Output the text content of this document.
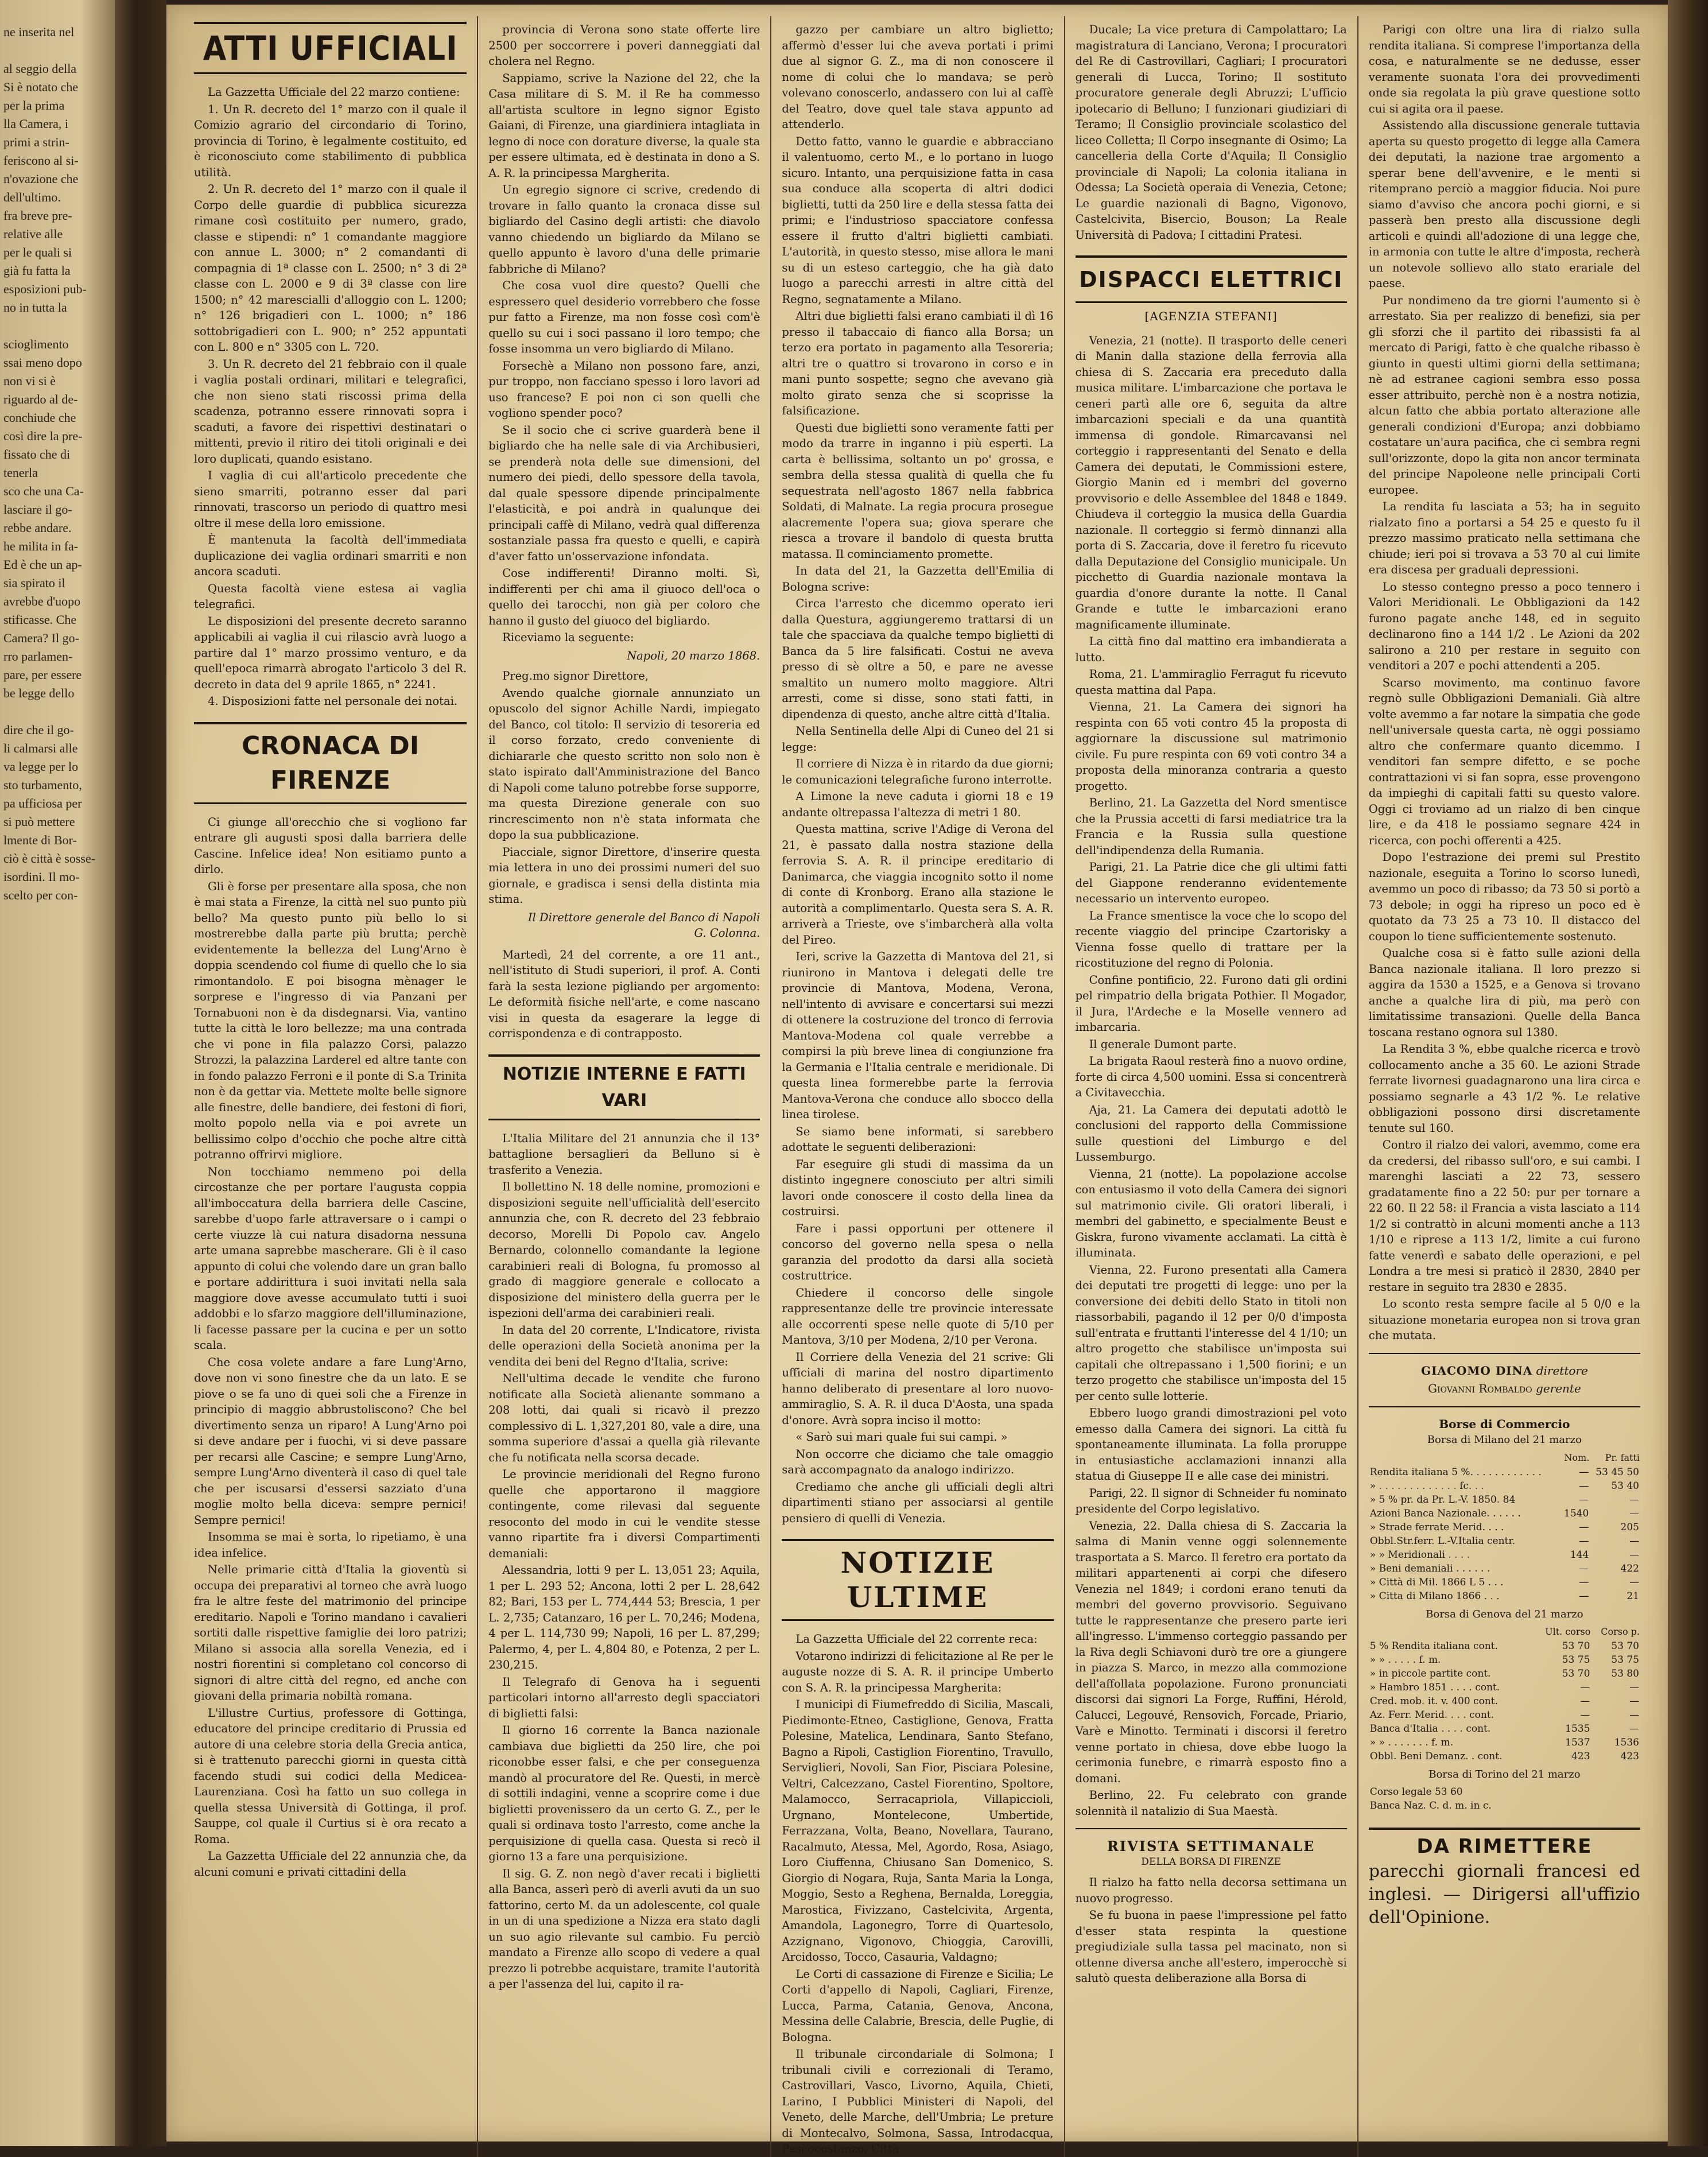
ne inserita nel

al seggio della
Si è notato che
per la prima
lla Camera, i
primi a strin-
feriscono al si-
n'ovazione che
dell'ultimo.
fra breve pre-
relative alle
per le quali si
già fu fatta la
esposizioni pub-
no in tutta la

scioglimento
ssai meno dopo
non vi si è
riguardo al de-
conchiude che
così dire la pre-
fissato che di
tenerla
sco che una Ca-
lasciare il go-
rebbe andare.
he milita in fa-
Ed è che un ap-
sia spirato il
avrebbe d'uopo
stificasse. Che
Camera? Il go-
rro parlamen-
pare, per essere
be legge dello

dire che il go-
li calmarsi alle
va legge per lo
sto turbamento,
pa ufficiosa per
si può mettere
lmente di Bor-
ciò è città è sosse-
isordini. Il mo-
scelto per con-
ATTI UFFICIALI

La Gazzetta Ufficiale del 22 marzo contiene:

1. Un R. decreto del 1° marzo con il quale il Comizio agrario del circondario di Torino, provincia di Torino, è legalmente costituito, ed è riconosciuto come stabilimento di pubblica utilità.

2. Un R. decreto del 1° marzo con il quale il Corpo delle guardie di pubblica sicurezza rimane così costituito per numero, grado, classe e stipendi: n° 1 comandante maggiore con annue L. 3000; n° 2 comandanti di compagnia di 1ª classe con L. 2500; n° 3 di 2ª classe con L. 2000 e 9 di 3ª classe con lire 1500; n° 42 marescialli d'alloggio con L. 1200; n° 126 brigadieri con L. 1000; n° 186 sottobrigadieri con L. 900; n° 252 appuntati con L. 800 e n° 3305 con L. 720.

3. Un R. decreto del 21 febbraio con il quale i vaglia postali ordinari, militari e telegrafici, che non sieno stati riscossi prima della scadenza, potranno essere rinnovati sopra i scaduti, a favore dei rispettivi destinatari o mittenti, previo il ritiro dei titoli originali e dei loro duplicati, quando esistano.

I vaglia di cui all'articolo precedente che sieno smarriti, potranno esser dal pari rinnovati, trascorso un periodo di quattro mesi oltre il mese della loro emissione.

È mantenuta la facoltà dell'immediata duplicazione dei vaglia ordinari smarriti e non ancora scaduti.

Questa facoltà viene estesa ai vaglia telegrafici.

Le disposizioni del presente decreto saranno applicabili ai vaglia il cui rilascio avrà luogo a partire dal 1° marzo prossimo venturo, e da quell'epoca rimarrà abrogato l'articolo 3 del R. decreto in data del 9 aprile 1865, n° 2241.

4. Disposizioni fatte nel personale dei notai.

CRONACA DI FIRENZE

Ci giunge all'orecchio che si vogliono far entrare gli augusti sposi dalla barriera delle Cascine. Infelice idea! Non esitiamo punto a dirlo.

Gli è forse per presentare alla sposa, che non è mai stata a Firenze, la città nel suo punto più bello? Ma questo punto più bello lo si mostrerebbe dalla parte più brutta; perchè evidentemente la bellezza del Lung'Arno è doppia scendendo col fiume di quello che lo sia rimontandolo. E poi bisogna mènager le sorprese e l'ingresso di via Panzani per Tornabuoni non è da disdegnarsi. Via, vantino tutte la città le loro bellezze; ma una contrada che vi pone in fila palazzo Corsi, palazzo Strozzi, la palazzina Larderel ed altre tante con in fondo palazzo Ferroni e il ponte di S.a Trinita non è da gettar via. Mettete molte belle signore alle finestre, delle bandiere, dei festoni di fiori, molto popolo nella via e poi avrete un bellissimo colpo d'occhio che poche altre città potranno offrirvi migliore.

Non tocchiamo nemmeno poi della circostanze che per portare l'augusta coppia all'imboccatura della barriera delle Cascine, sarebbe d'uopo farle attraversare o i campi o certe viuzze là cui natura disadorna nessuna arte umana saprebbe mascherare. Gli è il caso appunto di colui che volendo dare un gran ballo e portare addirittura i suoi invitati nella sala maggiore dove avesse accumulato tutti i suoi addobbi e lo sfarzo maggiore dell'illuminazione, li facesse passare per la cucina e per un sotto scala.

Che cosa volete andare a fare Lung'Arno, dove non vi sono finestre che da un lato. E se piove o se fa uno di quei soli che a Firenze in principio di maggio abbrustoliscono? Che bel divertimento senza un riparo! A Lung'Arno poi si deve andare per i fuochi, vi si deve passare per recarsi alle Cascine; e sempre Lung'Arno, sempre Lung'Arno diventerà il caso di quel tale che per iscusarsi d'essersi sazziato d'una moglie molto bella diceva: sempre pernici! Sempre pernici!

Insomma se mai è sorta, lo ripetiamo, è una idea infelice.

Nelle primarie città d'Italia la gioventù si occupa dei preparativi al torneo che avrà luogo fra le altre feste del matrimonio del principe ereditario. Napoli e Torino mandano i cavalieri sortiti dalle rispettive famiglie dei loro patrizi; Milano si associa alla sorella Venezia, ed i nostri fiorentini si completano col concorso di signori di altre città del regno, ed anche con giovani della primaria nobiltà romana.

L'illustre Curtius, professore di Gottinga, educatore del principe creditario di Prussia ed autore di una celebre storia della Grecia antica, si è trattenuto parecchi giorni in questa città facendo studi sui codici della Medicea-Laurenziana. Così ha fatto un suo collega in quella stessa Università di Gottinga, il prof. Sauppe, col quale il Curtius si è ora recato a Roma.

La Gazzetta Ufficiale del 22 annunzia che, da alcuni comuni e privati cittadini della

provincia di Verona sono state offerte lire 2500 per soccorrere i poveri danneggiati dal cholera nel Regno.

Sappiamo, scrive la Nazione del 22, che la Casa militare di S. M. il Re ha commesso all'artista scultore in legno signor Egisto Gaiani, di Firenze, una giardiniera intagliata in legno di noce con dorature diverse, la quale sta per essere ultimata, ed è destinata in dono a S. A. R. la principessa Margherita.

Un egregio signore ci scrive, credendo di trovare in fallo quanto la cronaca disse sul bigliardo del Casino degli artisti: che diavolo vanno chiedendo un bigliardo da Milano se quello appunto è lavoro d'una delle primarie fabbriche di Milano?

Che cosa vuol dire questo? Quelli che espressero quel desiderio vorrebbero che fosse pur fatto a Firenze, ma non fosse così com'è quello su cui i soci passano il loro tempo; che fosse insomma un vero bigliardo di Milano.

Forsechè a Milano non possono fare, anzi, pur troppo, non facciano spesso i loro lavori ad uso francese? E poi non ci son quelli che vogliono spender poco?

Se il socio che ci scrive guarderà bene il bigliardo che ha nelle sale di via Archibusieri, se prenderà nota delle sue dimensioni, del numero dei piedi, dello spessore della tavola, dal quale spessore dipende principalmente l'elasticità, e poi andrà in qualunque dei principali caffè di Milano, vedrà qual differenza sostanziale passa fra questo e quelli, e capirà d'aver fatto un'osservazione infondata.

Cose indifferenti! Diranno molti. Sì, indifferenti per chi ama il giuoco dell'oca o quello dei tarocchi, non già per coloro che hanno il gusto del giuoco del bigliardo.

Riceviamo la seguente:

Napoli, 20 marzo 1868.

Preg.mo signor Direttore,

Avendo qualche giornale annunziato un opuscolo del signor Achille Nardi, impiegato del Banco, col titolo: Il servizio di tesoreria ed il corso forzato, credo conveniente di dichiararle che questo scritto non solo non è stato ispirato dall'Amministrazione del Banco di Napoli come taluno potrebbe forse supporre, ma questa Direzione generale con suo rincrescimento non n'è stata informata che dopo la sua pubblicazione.

Piacciale, signor Direttore, d'inserire questa mia lettera in uno dei prossimi numeri del suo giornale, e gradisca i sensi della distinta mia stima.

Il Direttore generale del Banco di Napoli
G. Colonna.

Martedì, 24 del corrente, a ore 11 ant., nell'istituto di Studi superiori, il prof. A. Conti farà la sesta lezione pigliando per argomento: Le deformità fisiche nell'arte, e come nascano visi in questa da esagerare la legge di corrispondenza e di contrapposto.

NOTIZIE INTERNE E FATTI VARI

L'Italia Militare del 21 annunzia che il 13° battaglione bersaglieri da Belluno si è trasferito a Venezia.

Il bollettino N. 18 delle nomine, promozioni e disposizioni seguite nell'ufficialità dell'esercito annunzia che, con R. decreto del 23 febbraio decorso, Morelli Di Popolo cav. Angelo Bernardo, colonnello comandante la legione carabinieri reali di Bologna, fu promosso al grado di maggiore generale e collocato a disposizione del ministero della guerra per le ispezioni dell'arma dei carabinieri reali.

In data del 20 corrente, L'Indicatore, rivista delle operazioni della Società anonima per la vendita dei beni del Regno d'Italia, scrive:

Nell'ultima decade le vendite che furono notificate alla Società alienante sommano a 208 lotti, dai quali si ricavò il prezzo complessivo di L. 1,327,201 80, vale a dire, una somma superiore d'assai a quella già rilevante che fu notificata nella scorsa decade.

Le provincie meridionali del Regno furono quelle che apportarono il maggiore contingente, come rilevasi dal seguente resoconto del modo in cui le vendite stesse vanno ripartite fra i diversi Compartimenti demaniali:

Alessandria, lotti 9 per L. 13,051 23; Aquila, 1 per L. 293 52; Ancona, lotti 2 per L. 28,642 82; Bari, 153 per L. 774,444 53; Brescia, 1 per L. 2,735; Catanzaro, 16 per L. 70,246; Modena, 4 per L. 114,730 99; Napoli, 16 per L. 87,299; Palermo, 4, per L. 4,804 80, e Potenza, 2 per L. 230,215.

Il Telegrafo di Genova ha i seguenti particolari intorno all'arresto degli spacciatori di biglietti falsi:

Il giorno 16 corrente la Banca nazionale cambiava due biglietti da 250 lire, che poi riconobbe esser falsi, e che per conseguenza mandò al procuratore del Re. Questi, in mercè di sottili indagini, venne a scoprire come i due biglietti provenissero da un certo G. Z., per le quali si ordinava tosto l'arresto, come anche la perquisizione di quella casa. Questa si recò il giorno 13 a fare una perquisizione.

Il sig. G. Z. non negò d'aver recati i biglietti alla Banca, asserì però di averli avuti da un suo fattorino, certo M. da un adolescente, col quale in un di una spedizione a Nizza era stato dagli un suo agio rilevante sul cambio. Fu perciò mandato a Firenze allo scopo di vedere a qual prezzo li potrebbe acquistare, tramite l'autorità a per l'assenza del lui, capito il ra-

gazzo per cambiare un altro biglietto; affermò d'esser lui che aveva portati i primi due al signor G. Z., ma di non conoscere il nome di colui che lo mandava; se però volevano conoscerlo, andassero con lui al caffè del Teatro, dove quel tale stava appunto ad attenderlo.

Detto fatto, vanno le guardie e abbracciano il valentuomo, certo M., e lo portano in luogo sicuro. Intanto, una perquisizione fatta in casa sua conduce alla scoperta di altri dodici biglietti, tutti da 250 lire e della stessa fatta dei primi; e l'industrioso spacciatore confessa essere il frutto d'altri biglietti cambiati. L'autorità, in questo stesso, mise allora le mani su di un esteso carteggio, che ha già dato luogo a parecchi arresti in altre città del Regno, segnatamente a Milano.

Altri due biglietti falsi erano cambiati il dì 16 presso il tabaccaio di fianco alla Borsa; un terzo era portato in pagamento alla Tesoreria; altri tre o quattro si trovarono in corso e in mani punto sospette; segno che avevano già molto girato senza che si scoprisse la falsificazione.

Questi due biglietti sono veramente fatti per modo da trarre in inganno i più esperti. La carta è bellissima, soltanto un po' grossa, e sembra della stessa qualità di quella che fu sequestrata nell'agosto 1867 nella fabbrica Soldati, di Malnate. La regia procura prosegue alacremente l'opera sua; giova sperare che riesca a trovare il bandolo di questa brutta matassa. Il cominciamento promette.

In data del 21, la Gazzetta dell'Emilia di Bologna scrive:

Circa l'arresto che dicemmo operato ieri dalla Questura, aggiungeremo trattarsi di un tale che spacciava da qualche tempo biglietti di Banca da 5 lire falsificati. Costui ne aveva presso di sè oltre a 50, e pare ne avesse smaltito un numero molto maggiore. Altri arresti, come si disse, sono stati fatti, in dipendenza di questo, anche altre città d'Italia.

Nella Sentinella delle Alpi di Cuneo del 21 si legge:

Il corriere di Nizza è in ritardo da due giorni; le comunicazioni telegrafiche furono interrotte.

A Limone la neve caduta i giorni 18 e 19 andante oltrepassa l'altezza di metri 1 80.

Questa mattina, scrive l'Adige di Verona del 21, è passato dalla nostra stazione della ferrovia S. A. R. il principe ereditario di Danimarca, che viaggia incognito sotto il nome di conte di Kronborg. Erano alla stazione le autorità a complimentarlo. Questa sera S. A. R. arriverà a Trieste, ove s'imbarcherà alla volta del Pireo.

Ieri, scrive la Gazzetta di Mantova del 21, si riunirono in Mantova i delegati delle tre provincie di Mantova, Modena, Verona, nell'intento di avvisare e concertarsi sui mezzi di ottenere la costruzione del tronco di ferrovia Mantova-Modena col quale verrebbe a compirsi la più breve linea di congiunzione fra la Germania e l'Italia centrale e meridionale. Di questa linea formerebbe parte la ferrovia Mantova-Verona che conduce allo sbocco della linea tirolese.

Se siamo bene informati, si sarebbero adottate le seguenti deliberazioni:

Far eseguire gli studi di massima da un distinto ingegnere conosciuto per altri simili lavori onde conoscere il costo della linea da costruirsi.

Fare i passi opportuni per ottenere il concorso del governo nella spesa o nella garanzia del prodotto da darsi alla società costruttrice.

Chiedere il concorso delle singole rappresentanze delle tre provincie interessate alle occorrenti spese nelle quote di 5/10 per Mantova, 3/10 per Modena, 2/10 per Verona.

Il Corriere della Venezia del 21 scrive: Gli ufficiali di marina del nostro dipartimento hanno deliberato di presentare al loro nuovo-ammiraglio, S. A. R. il duca D'Aosta, una spada d'onore. Avrà sopra inciso il motto:

« Sarò sui mari quale fui sui campi. »

Non occorre che diciamo che tale omaggio sarà accompagnato da analogo indirizzo.

Crediamo che anche gli ufficiali degli altri dipartimenti stiano per associarsi al gentile pensiero di quelli di Venezia.

NOTIZIE ULTIME

La Gazzetta Ufficiale del 22 corrente reca:

Votarono indirizzi di felicitazione al Re per le auguste nozze di S. A. R. il principe Umberto con S. A. R. la principessa Margherita:

I municipi di Fiumefreddo di Sicilia, Mascali, Piedimonte-Etneo, Castiglione, Genova, Fratta Polesine, Matelica, Lendinara, Santo Stefano, Bagno a Ripoli, Castiglion Fiorentino, Travullo, Serviglieri, Novoli, San Fior, Pisciara Polesine, Veltri, Calcezzano, Castel Fiorentino, Spoltore, Malamocco, Serracapriola, Villapiccioli, Urgnano, Montelecone, Umbertide, Ferrazzana, Volta, Beano, Novellara, Taurano, Racalmuto, Atessa, Mel, Agordo, Rosa, Asiago, Loro Ciuffenna, Chiusano San Domenico, S. Giorgio di Nogara, Ruja, Santa Maria la Longa, Moggio, Sesto a Reghena, Bernalda, Loreggia, Marostica, Fivizzano, Castelcivita, Argenta, Amandola, Lagonegro, Torre di Quartesolo, Azzignano, Vigonovo, Chioggia, Carovilli, Arcidosso, Tocco, Casauria, Valdagno;

Le Corti di cassazione di Firenze e Sicilia; Le Corti d'appello di Napoli, Cagliari, Firenze, Lucca, Parma, Catania, Genova, Ancona, Messina delle Calabrie, Brescia, delle Puglie, di Bologna.

Il tribunale circondariale di Solmona; I tribunali civili e correzionali di Teramo, Castrovillari, Vasco, Livorno, Aquila, Chieti, Larino, I Pubblici Ministeri di Napoli, del Veneto, delle Marche, dell'Umbria; Le preture di Montecalvo, Solmona, Sassa, Introdacqua, Pescocostanzo, Città

Ducale; La vice pretura di Campolattaro; La magistratura di Lanciano, Verona; I procuratori del Re di Castrovillari, Cagliari; I procuratori generali di Lucca, Torino; Il sostituto procuratore generale degli Abruzzi; L'ufficio ipotecario di Belluno; I funzionari giudiziari di Teramo; Il Consiglio provinciale scolastico del liceo Colletta; Il Corpo insegnante di Osimo; La cancelleria della Corte d'Aquila; Il Consiglio provinciale di Napoli; La colonia italiana in Odessa; La Società operaia di Venezia, Cetone; Le guardie nazionali di Bagno, Vigonovo, Castelcivita, Bisercio, Bouson; La Reale Università di Padova; I cittadini Pratesi.

DISPACCI ELETTRICI
[AGENZIA STEFANI]

Venezia, 21 (notte). Il trasporto delle ceneri di Manin dalla stazione della ferrovia alla chiesa di S. Zaccaria era preceduto dalla musica militare. L'imbarcazione che portava le ceneri partì alle ore 6, seguita da altre imbarcazioni speciali e da una quantità immensa di gondole. Rimarcavansi nel corteggio i rappresentanti del Senato e della Camera dei deputati, le Commissioni estere, Giorgio Manin ed i membri del governo provvisorio e delle Assemblee del 1848 e 1849. Chiudeva il corteggio la musica della Guardia nazionale. Il corteggio si fermò dinnanzi alla porta di S. Zaccaria, dove il feretro fu ricevuto dalla Deputazione del Consiglio municipale. Un picchetto di Guardia nazionale montava la guardia d'onore durante la notte. Il Canal Grande e tutte le imbarcazioni erano magnificamente illuminate.

La città fino dal mattino era imbandierata a lutto.

Roma, 21. L'ammiraglio Ferragut fu ricevuto questa mattina dal Papa.

Vienna, 21. La Camera dei signori ha respinta con 65 voti contro 45 la proposta di aggiornare la discussione sul matrimonio civile. Fu pure respinta con 69 voti contro 34 a proposta della minoranza contraria a questo progetto.

Berlino, 21. La Gazzetta del Nord smentisce che la Prussia accetti di farsi mediatrice tra la Francia e la Russia sulla questione dell'indipendenza della Rumania.

Parigi, 21. La Patrie dice che gli ultimi fatti del Giappone renderanno evidentemente necessario un intervento europeo.

La France smentisce la voce che lo scopo del recente viaggio del principe Czartorisky a Vienna fosse quello di trattare per la ricostituzione del regno di Polonia.

Confine pontificio, 22. Furono dati gli ordini pel rimpatrio della brigata Pothier. Il Mogador, il Jura, l'Ardeche e la Moselle vennero ad imbarcaria.

Il generale Dumont parte.

La brigata Raoul resterà fino a nuovo ordine, forte di circa 4,500 uomini. Essa si concentrerà a Civitavecchia.

Aja, 21. La Camera dei deputati adottò le conclusioni del rapporto della Commissione sulle questioni del Limburgo e del Lussemburgo.

Vienna, 21 (notte). La popolazione accolse con entusiasmo il voto della Camera dei signori sul matrimonio civile. Gli oratori liberali, i membri del gabinetto, e specialmente Beust e Giskra, furono vivamente acclamati. La città è illuminata.

Vienna, 22. Furono presentati alla Camera dei deputati tre progetti di legge: uno per la conversione dei debiti dello Stato in titoli non riassorbabili, pagando il 12 per 0/0 d'imposta sull'entrata e fruttanti l'interesse del 4 1/10; un altro progetto che stabilisce un'imposta sui capitali che oltrepassano i 1,500 fiorini; e un terzo progetto che stabilisce un'imposta del 15 per cento sulle lotterie.

Ebbero luogo grandi dimostrazioni pel voto emesso dalla Camera dei signori. La città fu spontaneamente illuminata. La folla proruppe in entusiastiche acclamazioni innanzi alla statua di Giuseppe II e alle case dei ministri.

Parigi, 22. Il signor di Schneider fu nominato presidente del Corpo legislativo.

Venezia, 22. Dalla chiesa di S. Zaccaria la salma di Manin venne oggi solennemente trasportata a S. Marco. Il feretro era portato da militari appartenenti ai corpi che difesero Venezia nel 1849; i cordoni erano tenuti da membri del governo provvisorio. Seguivano tutte le rappresentanze che presero parte ieri all'ingresso. L'immenso corteggio passando per la Riva degli Schiavoni durò tre ore a giungere in piazza S. Marco, in mezzo alla commozione dell'affollata popolazione. Furono pronunciati discorsi dai signori La Forge, Ruffini, Hérold, Calucci, Legouvé, Rensovich, Forcade, Priario, Varè e Minotto. Terminati i discorsi il feretro venne portato in chiesa, dove ebbe luogo la cerimonia funebre, e rimarrà esposto fino a domani.

Berlino, 22. Fu celebrato con grande solennità il natalizio di Sua Maestà.

RIVISTA SETTIMANALE
DELLA BORSA DI FIRENZE

Il rialzo ha fatto nella decorsa settimana un nuovo progresso.

Se fu buona in paese l'impressione pel fatto d'esser stata respinta la questione pregiudiziale sulla tassa pel macinato, non si ottenne diversa anche all'estero, imperocchè si salutò questa deliberazione alla Borsa di

Parigi con oltre una lira di rialzo sulla rendita italiana. Si comprese l'importanza della cosa, e naturalmente se ne dedusse, esser veramente suonata l'ora dei provvedimenti onde sia regolata la più grave questione sotto cui si agita ora il paese.

Assistendo alla discussione generale tuttavia aperta su questo progetto di legge alla Camera dei deputati, la nazione trae argomento a sperar bene dell'avvenire, e le menti si ritemprano perciò a maggior fiducia. Noi pure siamo d'avviso che ancora pochi giorni, e si passerà ben presto alla discussione degli articoli e quindi all'adozione di una legge che, in armonia con tutte le altre d'imposta, recherà un notevole sollievo allo stato erariale del paese.

Pur nondimeno da tre giorni l'aumento si è arrestato. Sia per realizzo di benefizi, sia per gli sforzi che il partito dei ribassisti fa al mercato di Parigi, fatto è che qualche ribasso è giunto in questi ultimi giorni della settimana; nè ad estranee cagioni sembra esso possa esser attribuito, perchè non è a nostra notizia, alcun fatto che abbia portato alterazione alle generali condizioni d'Europa; anzi dobbiamo costatare un'aura pacifica, che ci sembra regni sull'orizzonte, dopo la gita non ancor terminata del principe Napoleone nelle principali Corti europee.

La rendita fu lasciata a 53; ha in seguito rialzato fino a portarsi a 54 25 e questo fu il prezzo massimo praticato nella settimana che chiude; ieri poi si trovava a 53 70 al cui limite era discesa per graduali depressioni.

Lo stesso contegno presso a poco tennero i Valori Meridionali. Le Obbligazioni da 142 furono pagate anche 148, ed in seguito declinarono fino a 144 1/2 . Le Azioni da 202 salirono a 210 per restare in seguito con venditori a 207 e pochi attendenti a 205.

Scarso movimento, ma continuo favore regnò sulle Obbligazioni Demaniali. Già altre volte avemmo a far notare la simpatia che gode nell'universale questa carta, nè oggi possiamo altro che confermare quanto dicemmo. I venditori fan sempre difetto, e se poche contrattazioni vi si fan sopra, esse provengono da impieghi di capitali fatti su questo valore. Oggi ci troviamo ad un rialzo di ben cinque lire, e da 418 le possiamo segnare 424 in ricerca, con pochi offerenti a 425.

Dopo l'estrazione dei premi sul Prestito nazionale, eseguita a Torino lo scorso lunedì, avemmo un poco di ribasso; da 73 50 si portò a 73 debole; in oggi ha ripreso un poco ed è quotato da 73 25 a 73 10. Il distacco del coupon lo tiene sufficientemente sostenuto.

Qualche cosa si è fatto sulle azioni della Banca nazionale italiana. Il loro prezzo si aggira da 1530 a 1525, e a Genova si trovano anche a qualche lira di più, ma però con limitatissime transazioni. Quelle della Banca toscana restano ognora sul 1380.

La Rendita 3 %, ebbe qualche ricerca e trovò collocamento anche a 35 60. Le azioni Strade ferrate livornesi guadagnarono una lira circa e possiamo segnarle a 43 1/2 %. Le relative obbligazioni possono dirsi discretamente tenute sul 160.

Contro il rialzo dei valori, avemmo, come era da credersi, del ribasso sull'oro, e sui cambi. I marenghi lasciati a 22 73, sessero gradatamente fino a 22 50: pur per tornare a 22 60. Il 22 58: il Francia a vista lasciato a 114 1/2 si contrattò in alcuni momenti anche a 113 1/10 e riprese a 113 1/2, limite a cui furono fatte venerdì e sabato delle operazioni, e pel Londra a tre mesi si praticò il 2830, 2840 per restare in seguito tra 2830 e 2835.

Lo sconto resta sempre facile al 5 0/0 e la situazione monetaria europea non si trova gran che mutata.

GIACOMO DINA direttore
Giovanni Rombaldo gerente
Borse di Commercio
Borsa di Milano del 21 marzo
	Nom.	Pr. fatti
Rendita italiana 5 %. . . . . . . . . . . .	—	53 45 50
» . . . . . . . . . . . . . fc. . .	—	53 40
» 5 % pr. da Pr. L.-V. 1850. 84	—	—
Azioni Banca Nazionale. . . . . .	1540	—
» Strade ferrate Merid. . . .	—	205
Obbl.Str.ferr. L.-V.Italia centr.	—	—
» » Meridionali . . . .	144	—
» Beni demaniali . . . . . .	—	422
» Città di Mil. 1866 L 5 . . .	—	—
» Citta di Milano 1866 . . .	—	21
Borsa di Genova del 21 marzo
	Ult. corso	Corso p.
5 % Rendita italiana cont.	53 70	53 70
» » . . . . . f. m.	53 75	53 75
» in piccole partite cont.	53 70	53 80
» Hambro 1851 . . . . cont.	—	—
Cred. mob. it. v. 400 cont.	—	—
Az. Ferr. Merid. . . . cont.	—	—
Banca d'Italia . . . . cont.	1535	—
» » . . . . . . . f. m.	1537	1536
Obbl. Beni Demanz. . cont.	423	423
Borsa di Torino del 21 marzo
Corso legale 53 60		
Banca Naz. C. d. m. in c.		
DA RIMETTERE
parecchi giornali francesi ed inglesi. — Dirigersi all'uffizio dell'Opinione.
